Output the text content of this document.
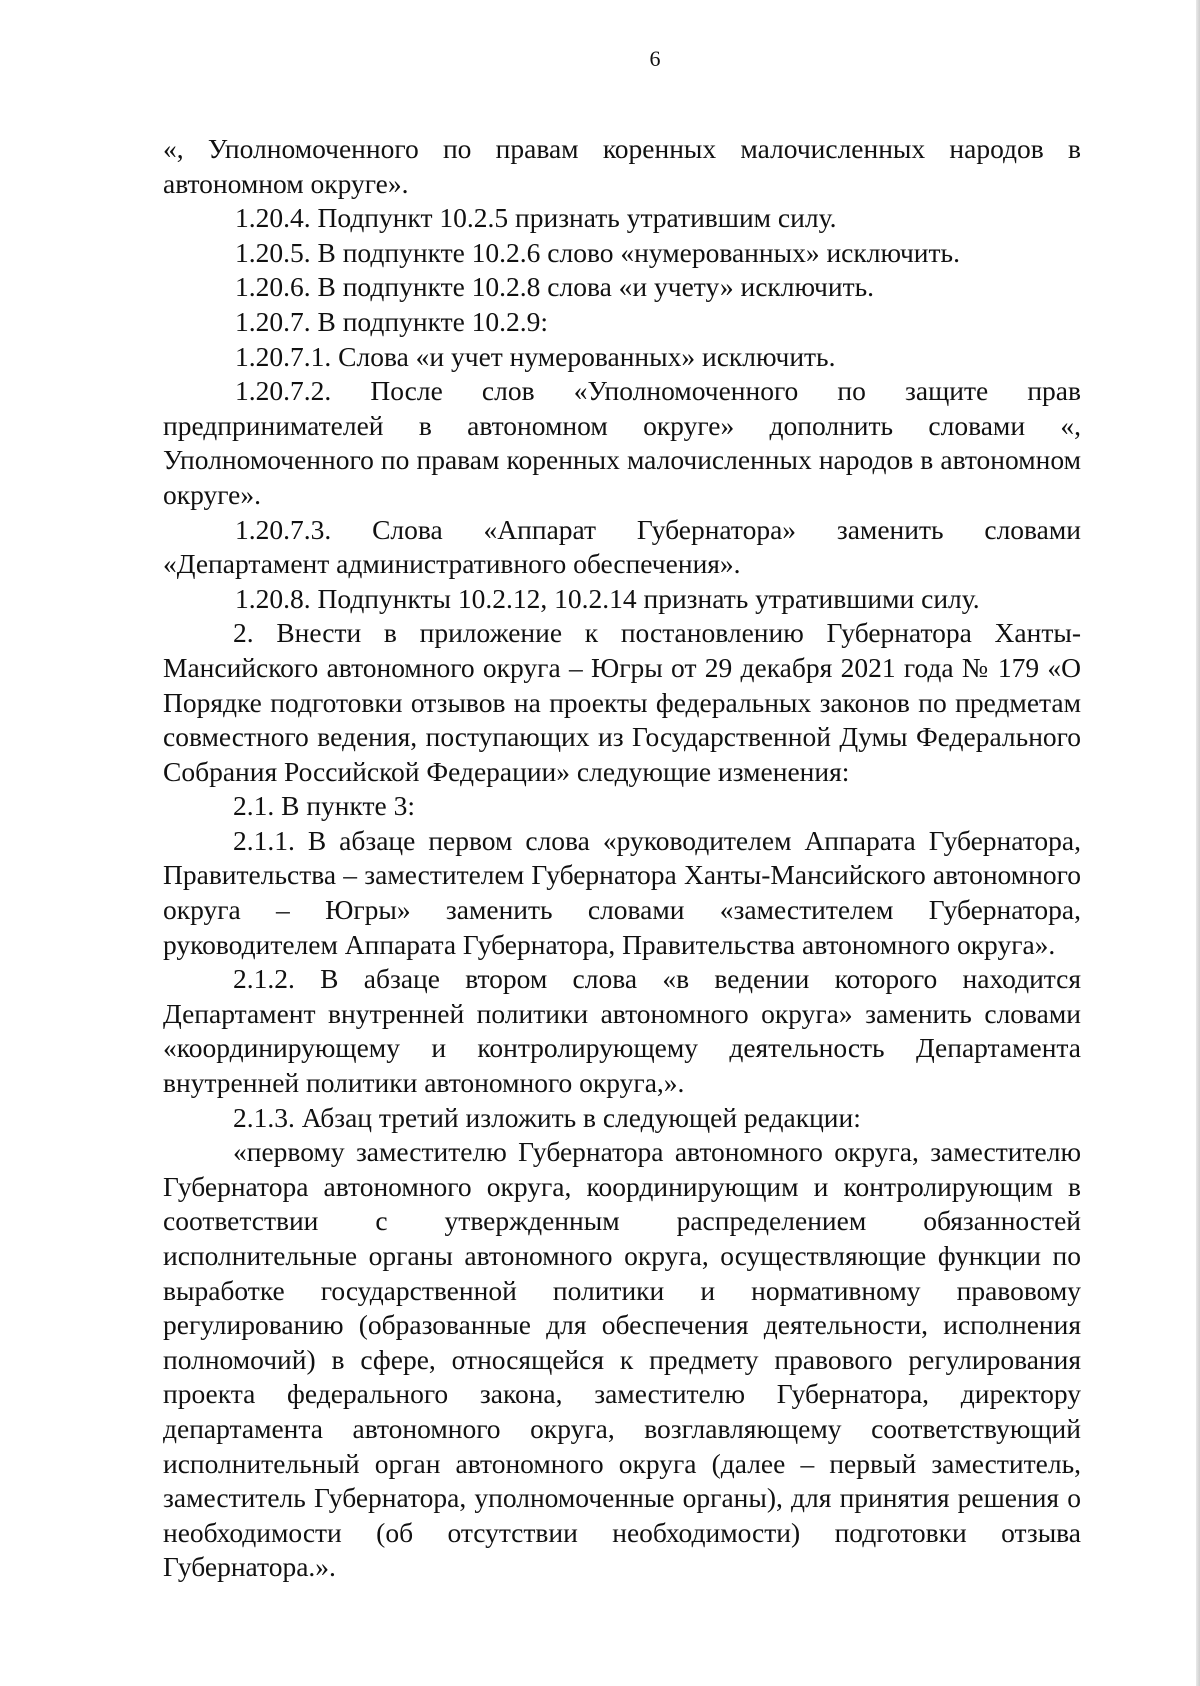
6

«, Уполномоченного по правам коренных малочисленных народов в автономном округе».

1.20.4. Подпункт 10.2.5 признать утратившим силу.

1.20.5. В подпункте 10.2.6 слово «нумерованных» исключить.

1.20.6. В подпункте 10.2.8 слова «и учету» исключить.

1.20.7. В подпункте 10.2.9:

1.20.7.1. Слова «и учет нумерованных» исключить.

1.20.7.2. После слов «Уполномоченного по защите прав предпринимателей в автономном округе» дополнить словами «, Уполномоченного по правам коренных малочисленных народов в автономном округе».

1.20.7.3. Слова «Аппарат Губернатора» заменить словами «Департамент административного обеспечения».

1.20.8. Подпункты 10.2.12, 10.2.14 признать утратившими силу.

2. Внести в приложение к постановлению Губернатора Ханты-Мансийского автономного округа – Югры от 29 декабря 2021 года № 179 «О Порядке подготовки отзывов на проекты федеральных законов по предметам совместного ведения, поступающих из Государственной Думы Федерального Собрания Российской Федерации» следующие изменения:

2.1. В пункте 3:

2.1.1. В абзаце первом слова «руководителем Аппарата Губернатора, Правительства – заместителем Губернатора Ханты-Мансийского автономного округа – Югры» заменить словами «заместителем Губернатора, руководителем Аппарата Губернатора, Правительства автономного округа».

2.1.2. В абзаце втором слова «в ведении которого находится Департамент внутренней политики автономного округа» заменить словами «координирующему и контролирующему деятельность Департамента внутренней политики автономного округа,».

2.1.3. Абзац третий изложить в следующей редакции:

«первому заместителю Губернатора автономного округа, заместителю Губернатора автономного округа, координирующим и контролирующим в соответствии с утвержденным распределением обязанностей исполнительные органы автономного округа, осуществляющие функции по выработке государственной политики и нормативному правовому регулированию (образованные для обеспечения деятельности, исполнения полномочий) в сфере, относящейся к предмету правового регулирования проекта федерального закона, заместителю Губернатора, директору департамента автономного округа, возглавляющему соответствующий исполнительный орган автономного округа (далее – первый заместитель, заместитель Губернатора, уполномоченные органы), для принятия решения о необходимости (об отсутствии необходимости) подготовки отзыва Губернатора.».
